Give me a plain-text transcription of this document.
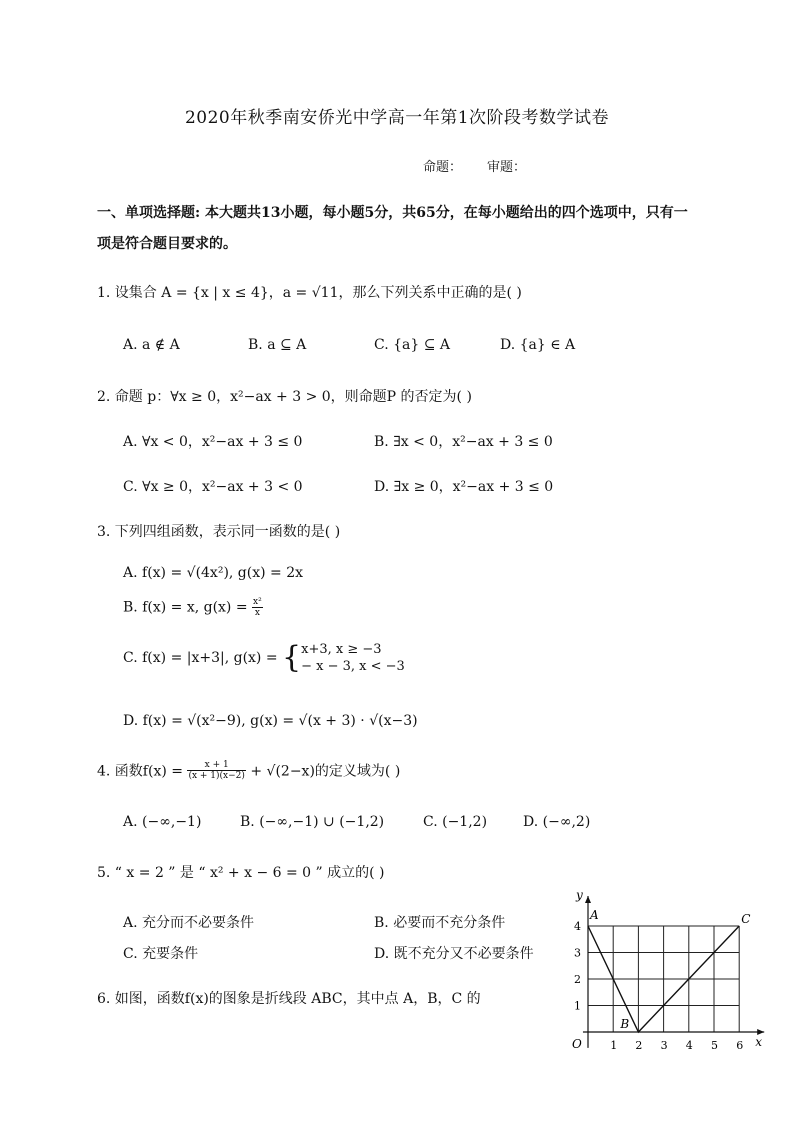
2020年秋季南安侨光中学高一年第1次阶段考数学试卷
命题： 审题：
一、单项选择题: 本大题共13小题，每小题5分，共65分，在每小题给出的四个选项中，只有一
项是符合题目要求的。
1. 设集合 A = {x | x ≤ 4}，a = √11，那么下列关系中正确的是( )
A. a ∉ A	B. a ⊆ A	C. {a} ⊆ A	D. {a} ∈ A
2. 命题 p：∀x ≥ 0，x²−ax + 3 > 0，则命题P 的否定为( )
A. ∀x < 0，x²−ax + 3 ≤ 0	B. ∃x < 0，x²−ax + 3 ≤ 0
C. ∀x ≥ 0，x²−ax + 3 < 0	D. ∃x ≥ 0，x²−ax + 3 ≤ 0
3. 下列四组函数，表示同一函数的是( )
A. f(x) = √(4x²), g(x) = 2x
B. f(x) = x, $g(x) = \frac{\text{x²}}{x}$
C. f(x) = |x+3|, g(x) = { x+3, x ≥ −3
− x − 3, x < −3
D. f(x) = √(x²−9), g(x) = √(x + 3) · √(x−3)
4. 函数$f(x) = \frac{x + 1}{(x + 1)(x-2)} + √(2-x)$的定义域为( )
A. (−∞,−1)	B. (−∞,−1) ∪ (−1,2)	C. (−1,2)	D. (−∞,2)
5. “ x = 2 ” 是 “ x² + x − 6 = 0 ” 成立的( )
A. 充分而不必要条件	B. 必要而不充分条件
C. 充要条件	D. 既不充分又不必要条件
6. 如图，函数f(x)的图象是折线段 ABC，其中点 A，B，C 的
x
y
O	1 2 3 4 5 6
1
2
3
4
A
B
C
